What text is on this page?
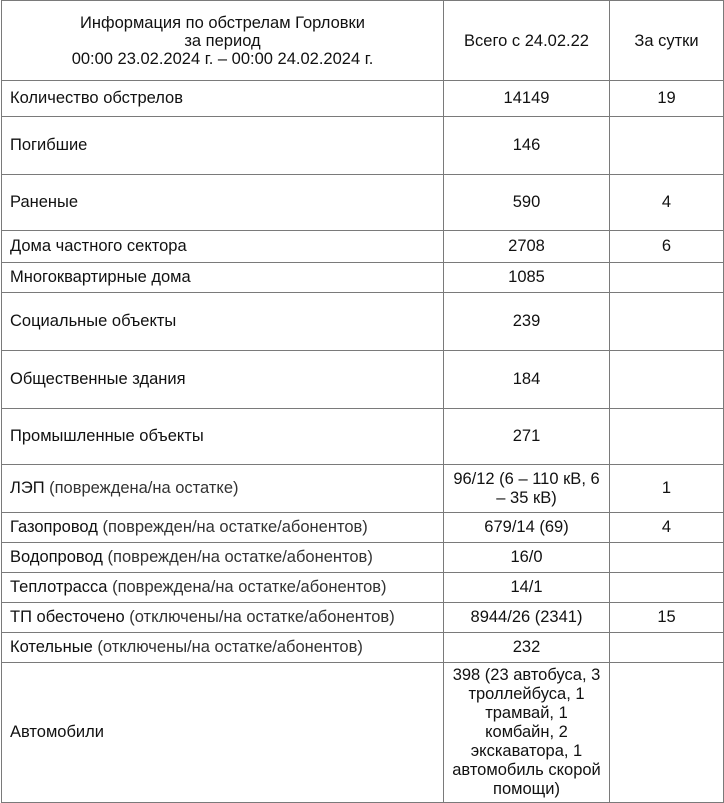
Информация по обстрелам Горловки
за период
00:00 23.02.2024 г. – 00:00 24.02.2024 г.	Всего с 24.02.22	За сутки
Количество обстрелов	14149	19
Погибшие	146	
Раненые	590	4
Дома частного сектора	2708	6
Многоквартирные дома	1085	
Социальные объекты	239	
Общественные здания	184	
Промышленные объекты	271	
ЛЭП (повреждена/на остатке)	96/12 (6 – 110 кВ, 6 – 35 кВ)	1
Газопровод (поврежден/на остатке/абонентов)	679/14 (69)	4
Водопровод (поврежден/на остатке/абонентов)	16/0	
Теплотрасса (повреждена/на остатке/абонентов)	14/1	
ТП обесточено (отключены/на остатке/абонентов)	8944/26 (2341)	15
Котельные (отключены/на остатке/абонентов)	232	
Автомобили	398 (23 автобуса, 3 троллейбуса, 1 трамвай, 1 комбайн, 2 экскаватора, 1 автомобиль скорой помощи)	
